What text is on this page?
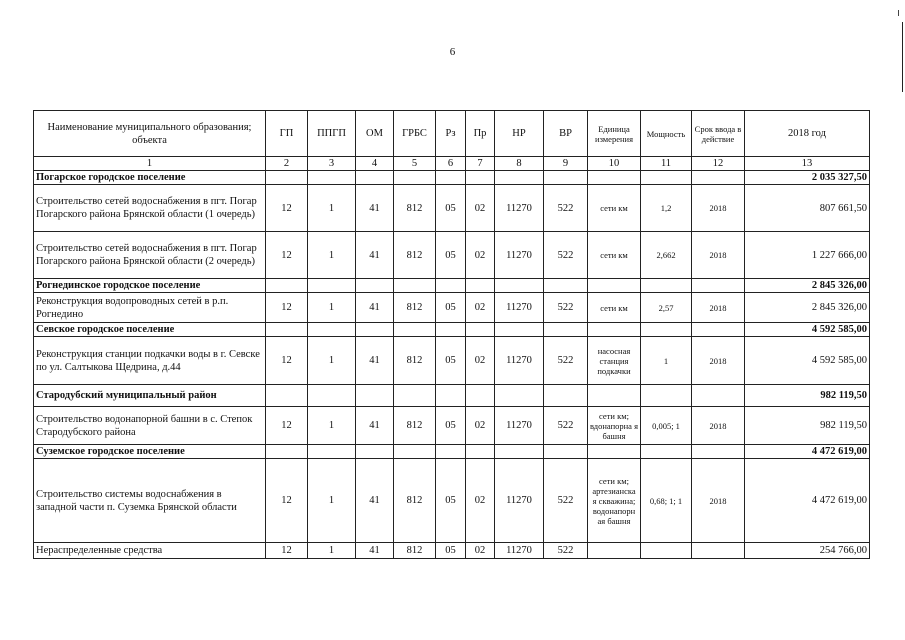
6
Наименование муниципального образования; объекта	ГП	ППГП	ОМ	ГРБС	Рз	Пр	НР	ВР	Единица измерения	Мощность	Срок ввода в действие	2018 год
1	2	3	4	5	6	7	8	9	10	11	12	13
Погарское городское поселение												2 035 327,50
Строительство сетей водоснабжения в пгт. Погар Погарского района Брянской области (1 очередь)	12	1	41	812	05	02	11270	522	сети км	1,2	2018	807 661,50
Строительство сетей водоснабжения в пгт. Погар Погарского района Брянской области (2 очередь)	12	1	41	812	05	02	11270	522	сети км	2,662	2018	1 227 666,00
Рогнединское городское поселение												2 845 326,00
Реконструкция водопроводных сетей в р.п. Рогнедино	12	1	41	812	05	02	11270	522	сети км	2,57	2018	2 845 326,00
Севское городское поселение												4 592 585,00
Реконструкция станции подкачки воды в г. Севске по ул. Салтыкова Щедрина, д.44	12	1	41	812	05	02	11270	522	насосная станция подкачки	1	2018	4 592 585,00
Стародубский муниципальный район												982 119,50
Строительство водонапорной башни в с. Степок Стародубского района	12	1	41	812	05	02	11270	522	сети км; вдонапорна я башня	0,005; 1	2018	982 119,50
Суземское городское поселение												4 472 619,00
Строительство системы водоснабжения в западной части п. Суземка Брянской области	12	1	41	812	05	02	11270	522	сети км; артезианска я скважина; водонапорн ая башня	0,68; 1; 1	2018	4 472 619,00
Нераспределенные средства	12	1	41	812	05	02	11270	522				254 766,00
